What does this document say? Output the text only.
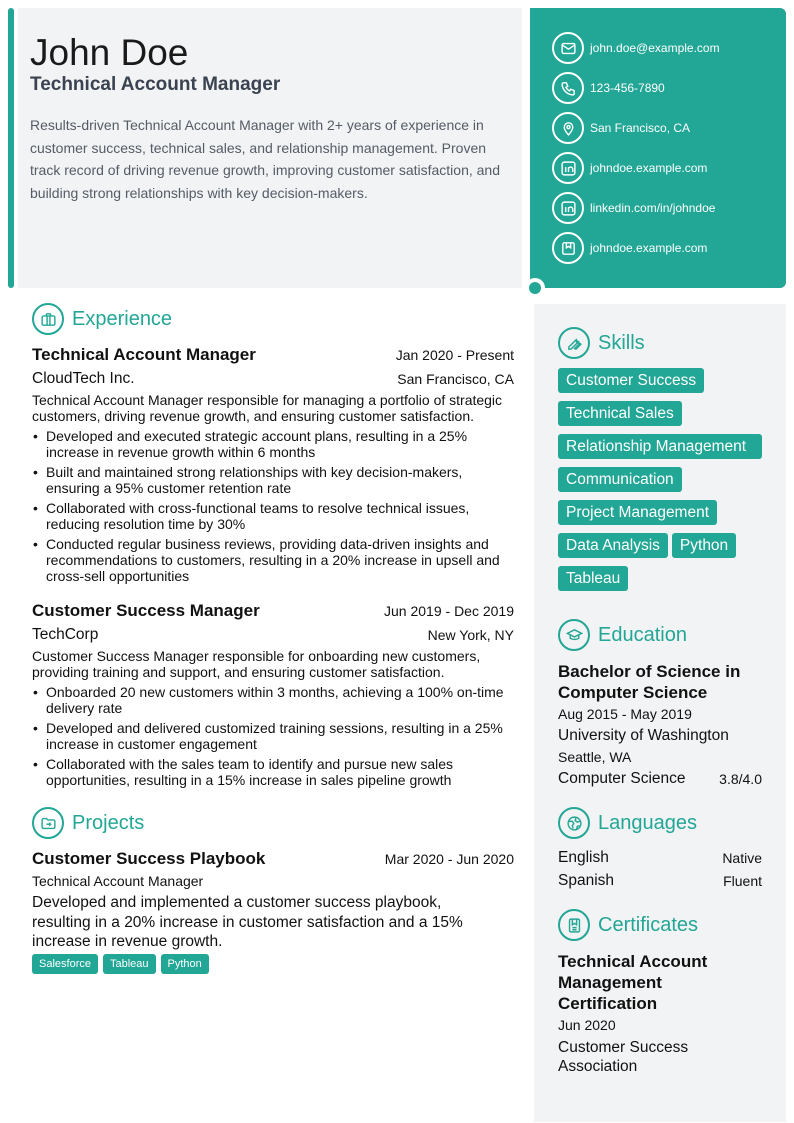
John Doe
Technical Account Manager
Results-driven Technical Account Manager with 2+ years of experience in customer success, technical sales, and relationship management. Proven track record of driving revenue growth, improving customer satisfaction, and building strong relationships with key decision-makers.
john.doe@example.com
123-456-7890
San Francisco, CA
johndoe.example.com
linkedin.com/in/johndoe
johndoe.example.com
Experience
Technical Account Manager	Jan 2020 - Present
CloudTech Inc.	San Francisco, CA
Technical Account Manager responsible for managing a portfolio of strategic customers, driving revenue growth, and ensuring customer satisfaction.
• Developed and executed strategic account plans, resulting in a 25% increase in revenue growth within 6 months
• Built and maintained strong relationships with key decision-makers, ensuring a 95% customer retention rate
• Collaborated with cross-functional teams to resolve technical issues, reducing resolution time by 30%
• Conducted regular business reviews, providing data-driven insights and recommendations to customers, resulting in a 20% increase in upsell and cross-sell opportunities
Customer Success Manager	Jun 2019 - Dec 2019
TechCorp	New York, NY
Customer Success Manager responsible for onboarding new customers, providing training and support, and ensuring customer satisfaction.
• Onboarded 20 new customers within 3 months, achieving a 100% on-time delivery rate
• Developed and delivered customized training sessions, resulting in a 25% increase in customer engagement
• Collaborated with the sales team to identify and pursue new sales opportunities, resulting in a 15% increase in sales pipeline growth
Projects
Customer Success Playbook	Mar 2020 - Jun 2020
Technical Account Manager
Developed and implemented a customer success playbook, resulting in a 20% increase in customer satisfaction and a 15% increase in revenue growth.
Salesforce Tableau Python
Skills
Customer Success
Technical Sales
Relationship Management
Communication
Project Management
Data Analysis Python
Tableau
Education
Bachelor of Science in Computer Science
Aug 2015 - May 2019
University of Washington
Seattle, WA
Computer Science	3.8/4.0
Languages
English	Native
Spanish	Fluent
Certificates
Technical Account Management Certification
Jun 2020
Customer Success Association
